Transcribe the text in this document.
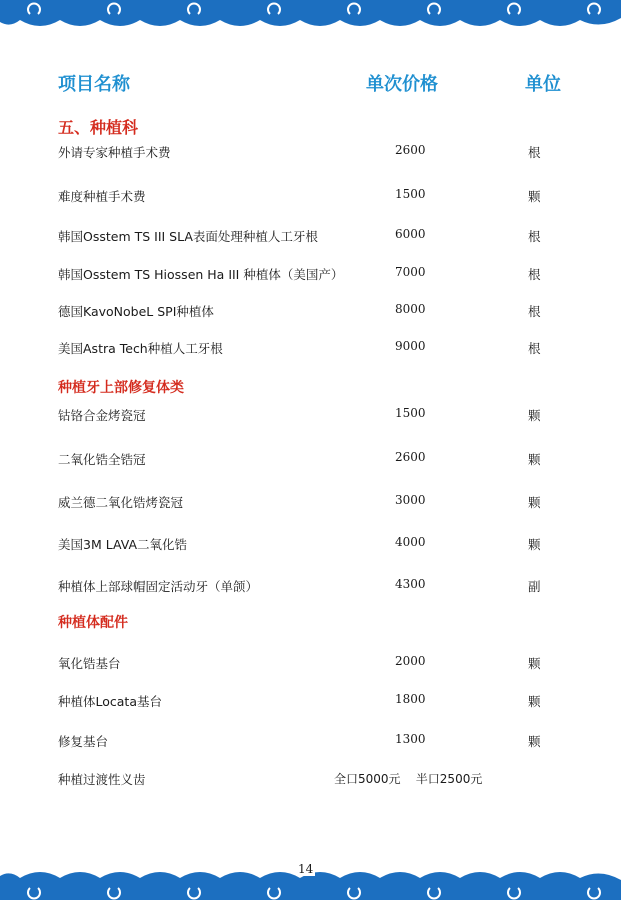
项目名称	单次价格	单位
五、种植科
外请专家种植手术费	2600	根
难度种植手术费	1500	颗
韩国Osstem TS III SLA表面处理种植人工牙根	6000	根
韩国Osstem TS Hiossen Ha III 种植体（美国产）	7000	根
德国KavoNobeL SPI种植体	8000	根
美国Astra Tech种植人工牙根	9000	根
种植牙上部修复体类
钴铬合金烤瓷冠	1500	颗
二氧化锆全锆冠	2600	颗
威兰德二氧化锆烤瓷冠	3000	颗
美国3M LAVA二氧化锆	4000	颗
种植体上部球帽固定活动牙（单颌）	4300	副
种植体配件
氧化锆基台	2000	颗
种植体Locata基台	1800	颗
修复基台	1300	颗
种植过渡性义齿	全口5000元    半口2500元
14
